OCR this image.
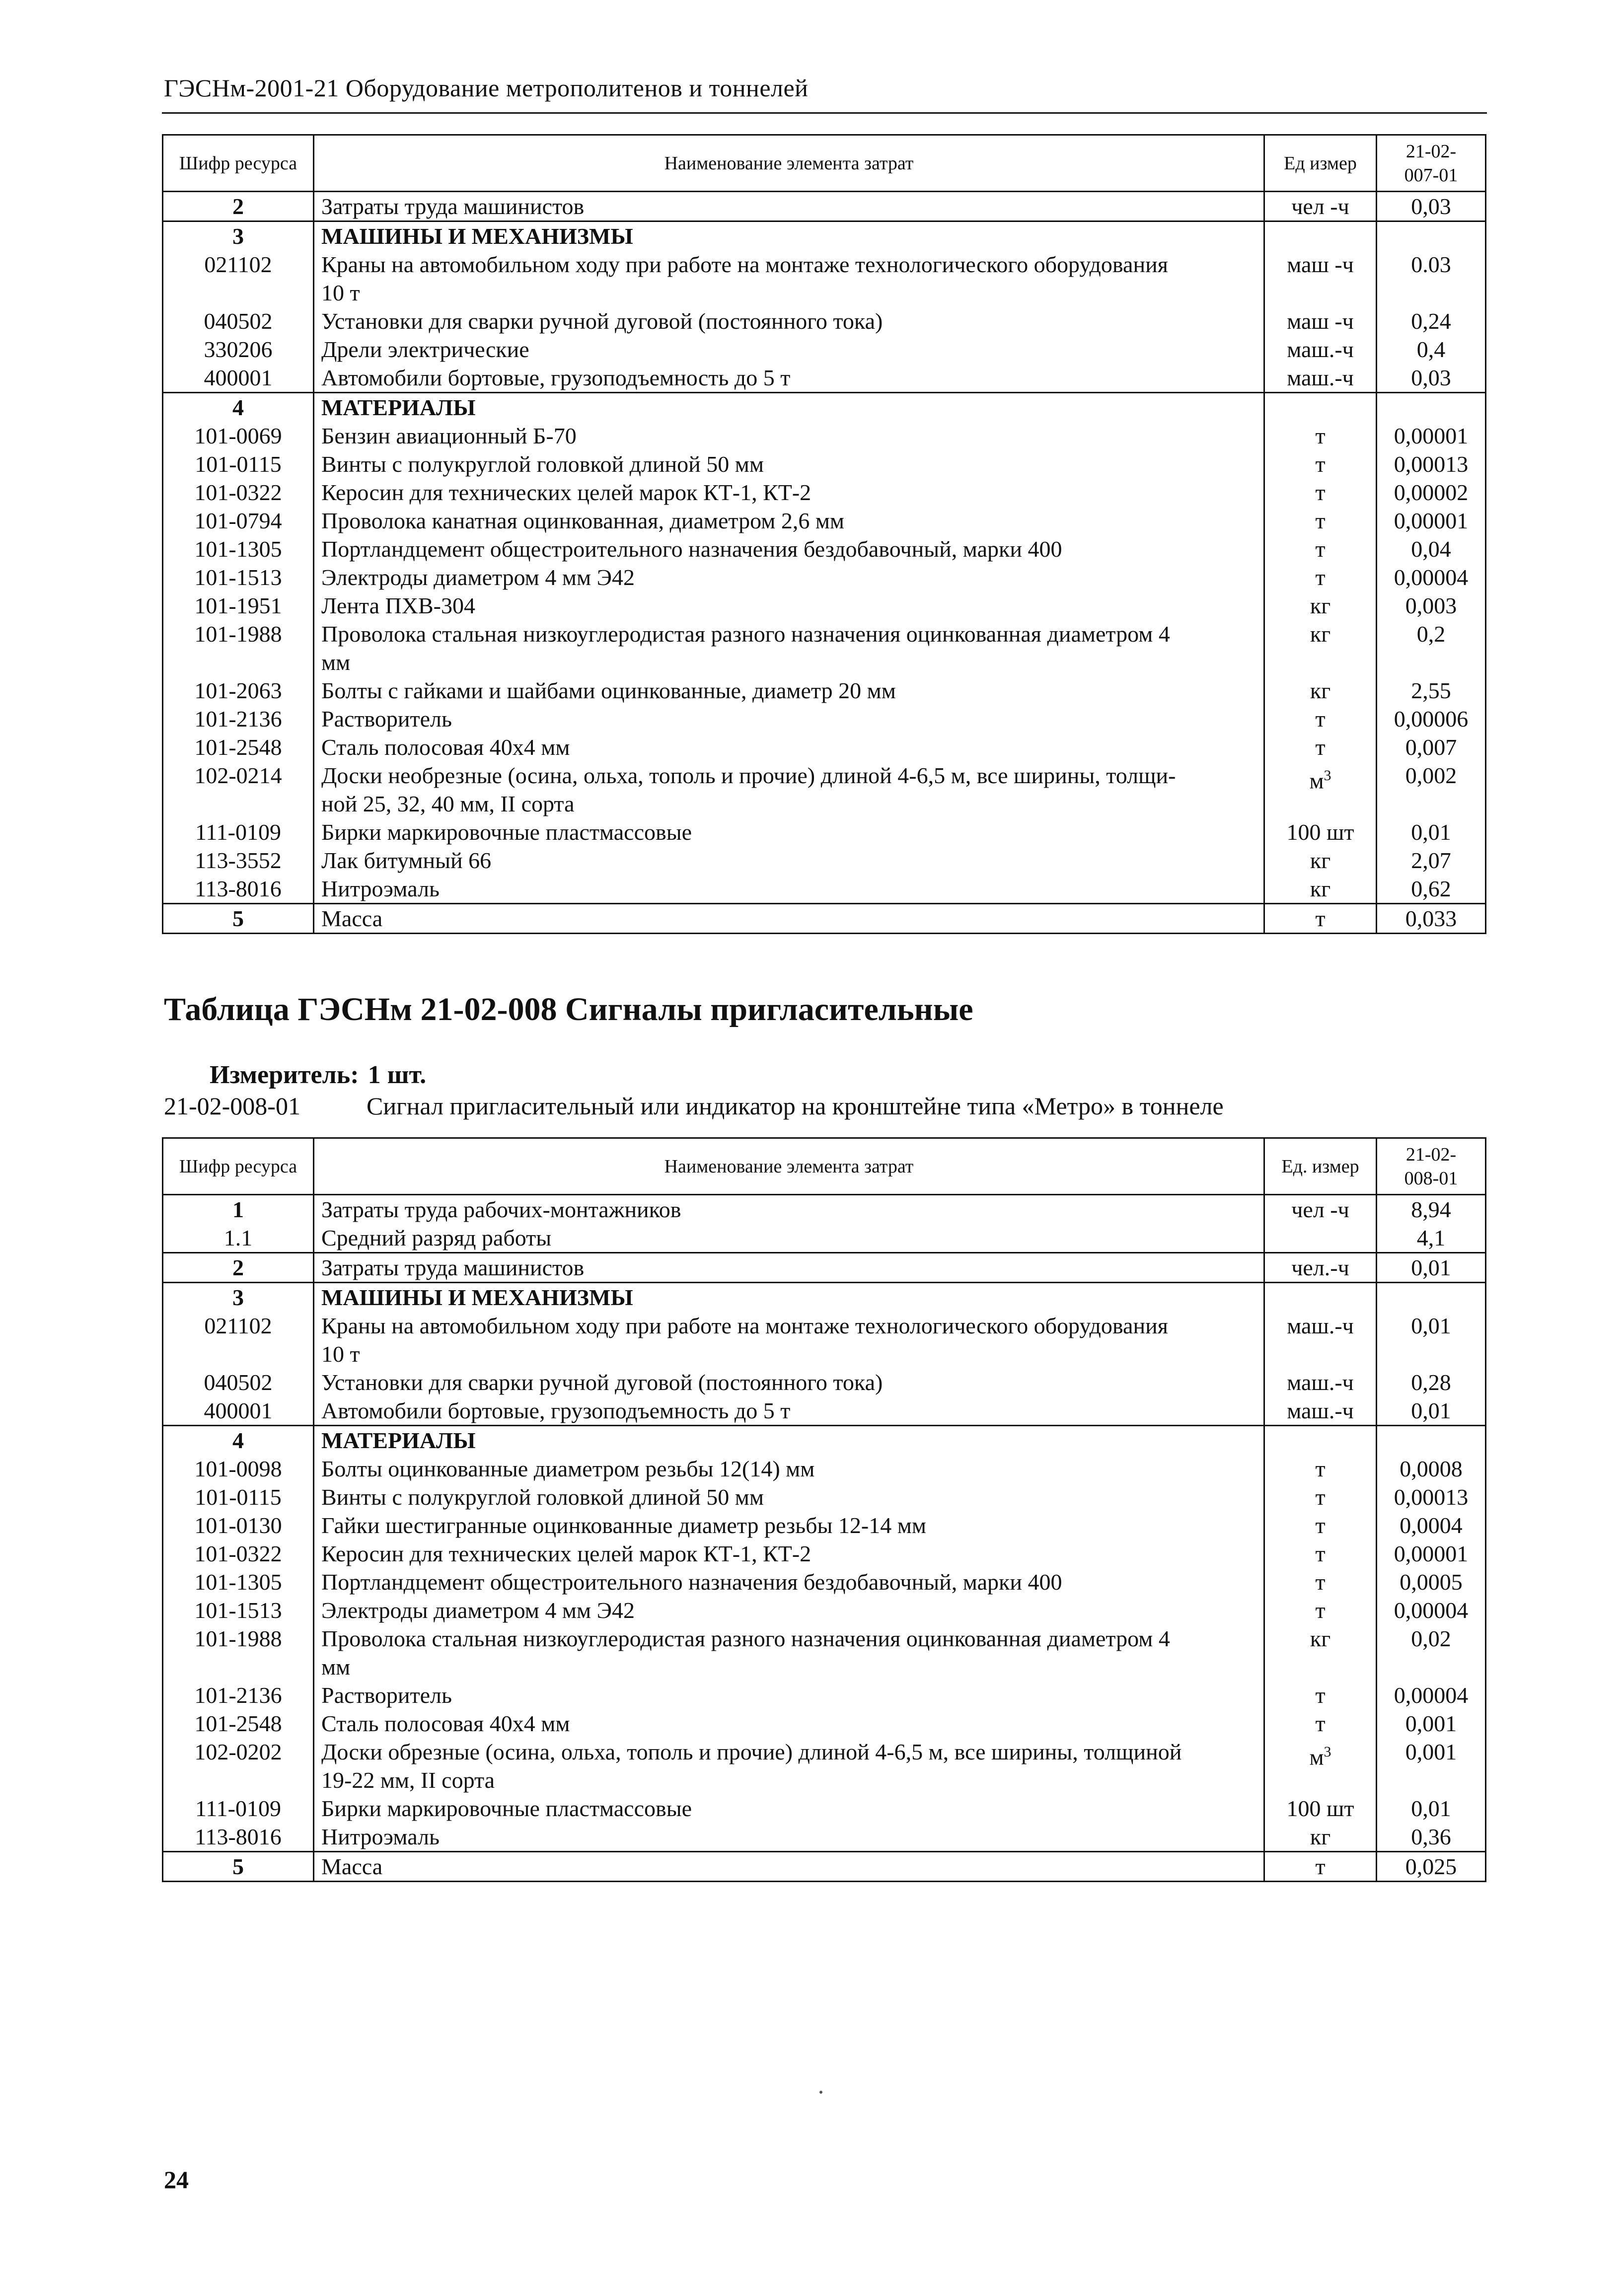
ГЭСНм-2001-21 Оборудование метрополитенов и тоннелей
Шифр ресурса	Наименование элемента затрат	Ед измер	21-02-
007-01
2	Затраты труда машинистов	чел -ч	0,03
3	МАШИНЫ И МЕХАНИЗМЫ		
021102	Краны на автомобильном ходу при работе на монтаже технологического оборудования
10 т	маш -ч	0.03
040502	Установки для сварки ручной дуговой (постоянного тока)	маш -ч	0,24
330206	Дрели электрические	маш.-ч	0,4
400001	Автомобили бортовые, грузоподъемность до 5 т	маш.-ч	0,03
4	МАТЕРИАЛЫ		
101-0069	Бензин авиационный Б-70	т	0,00001
101-0115	Винты с полукруглой головкой длиной 50 мм	т	0,00013
101-0322	Керосин для технических целей марок КТ-1, КТ-2	т	0,00002
101-0794	Проволока канатная оцинкованная, диаметром 2,6 мм	т	0,00001
101-1305	Портландцемент общестроительного назначения бездобавочный, марки 400	т	0,04
101-1513	Электроды диаметром 4 мм Э42	т	0,00004
101-1951	Лента ПХВ-304	кг	0,003
101-1988	Проволока стальная низкоуглеродистая разного назначения оцинкованная диаметром 4
мм	кг	0,2
101-2063	Болты с гайками и шайбами оцинкованные, диаметр 20 мм	кг	2,55
101-2136	Растворитель	т	0,00006
101-2548	Сталь полосовая 40х4 мм	т	0,007
102-0214	Доски необрезные (осина, ольха, тополь и прочие) длиной 4-6,5 м, все ширины, толщи-
ной 25, 32, 40 мм, II сорта	$м^3$	0,002
111-0109	Бирки маркировочные пластмассовые	100 шт	0,01
113-3552	Лак битумный 66	кг	2,07
113-8016	Нитроэмаль	кг	0,62
5	Масса	т	0,033
Таблица ГЭСНм 21-02-008 Сигналы пригласительные
Измеритель: 1 шт.
21-02-008-01	Сигнал пригласительный или индикатор на кронштейне типа «Метро» в тоннеле
Шифр ресурса	Наименование элемента затрат	Ед. измер	21-02-
008-01
1	Затраты труда рабочих-монтажников	чел -ч	8,94
1.1	Средний разряд работы		4,1
2	Затраты труда машинистов	чел.-ч	0,01
3	МАШИНЫ И МЕХАНИЗМЫ		
021102	Краны на автомобильном ходу при работе на монтаже технологического оборудования
10 т	маш.-ч	0,01
040502	Установки для сварки ручной дуговой (постоянного тока)	маш.-ч	0,28
400001	Автомобили бортовые, грузоподъемность до 5 т	маш.-ч	0,01
4	МАТЕРИАЛЫ		
101-0098	Болты оцинкованные диаметром резьбы 12(14) мм	т	0,0008
101-0115	Винты с полукруглой головкой длиной 50 мм	т	0,00013
101-0130	Гайки шестигранные оцинкованные диаметр резьбы 12-14 мм	т	0,0004
101-0322	Керосин для технических целей марок КТ-1, КТ-2	т	0,00001
101-1305	Портландцемент общестроительного назначения бездобавочный, марки 400	т	0,0005
101-1513	Электроды диаметром 4 мм Э42	т	0,00004
101-1988	Проволока стальная низкоуглеродистая разного назначения оцинкованная диаметром 4
мм	кг	0,02
101-2136	Растворитель	т	0,00004
101-2548	Сталь полосовая 40х4 мм	т	0,001
102-0202	Доски обрезные (осина, ольха, тополь и прочие) длиной 4-6,5 м, все ширины, толщиной
19-22 мм, II сорта	$м^3$	0,001
111-0109	Бирки маркировочные пластмассовые	100 шт	0,01
113-8016	Нитроэмаль	кг	0,36
5	Масса	т	0,025
24
